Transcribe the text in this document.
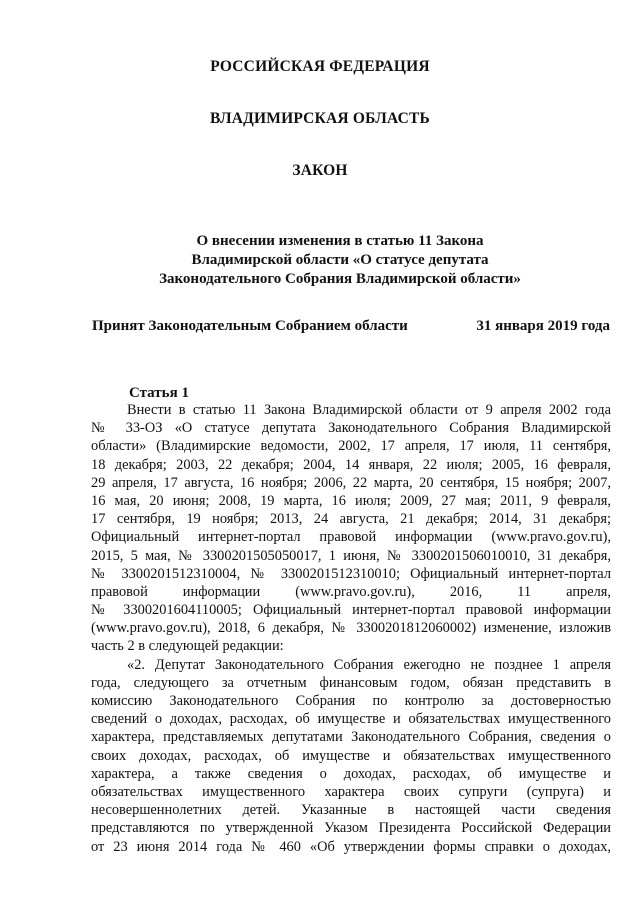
РОССИЙСКАЯ ФЕДЕРАЦИЯ
ВЛАДИМИРСКАЯ ОБЛАСТЬ
ЗАКОН
О внесении изменения в статью 11 Закона
Владимирской области «О статусе депутата
Законодательного Собрания Владимирской области»
Принят Законодательным Собранием области	31 января 2019 года
Статья 1
Внести в статью 11 Закона Владимирской области от 9 апреля 2002 года
№ 33-ОЗ «О статусе депутата Законодательного Собрания Владимирской
области» (Владимирские ведомости, 2002, 17 апреля, 17 июля, 11 сентября,
18 декабря; 2003, 22 декабря; 2004, 14 января, 22 июля; 2005, 16 февраля,
29 апреля, 17 августа, 16 ноября; 2006, 22 марта, 20 сентября, 15 ноября; 2007,
16 мая, 20 июня; 2008, 19 марта, 16 июля; 2009, 27 мая; 2011, 9 февраля,
17 сентября, 19 ноября; 2013, 24 августа, 21 декабря; 2014, 31 декабря;
Официальный интернет-портал правовой информации (www.pravo.gov.ru),
2015, 5 мая, № 3300201505050017, 1 июня, № 3300201506010010, 31 декабря,
№ 3300201512310004, № 3300201512310010; Официальный интернет-портал
правовой информации (www.pravo.gov.ru), 2016, 11 апреля,
№ 3300201604110005; Официальный интернет-портал правовой информации
(www.pravo.gov.ru), 2018, 6 декабря, № 3300201812060002) изменение, изложив
часть 2 в следующей редакции:
«2. Депутат Законодательного Собрания ежегодно не позднее 1 апреля
года, следующего за отчетным финансовым годом, обязан представить в
комиссию Законодательного Собрания по контролю за достоверностью
сведений о доходах, расходах, об имуществе и обязательствах имущественного
характера, представляемых депутатами Законодательного Собрания, сведения о
своих доходах, расходах, об имуществе и обязательствах имущественного
характера, а также сведения о доходах, расходах, об имуществе и
обязательствах имущественного характера своих супруги (супруга) и
несовершеннолетних детей. Указанные в настоящей части сведения
представляются по утвержденной Указом Президента Российской Федерации
от 23 июня 2014 года № 460 «Об утверждении формы справки о доходах,
